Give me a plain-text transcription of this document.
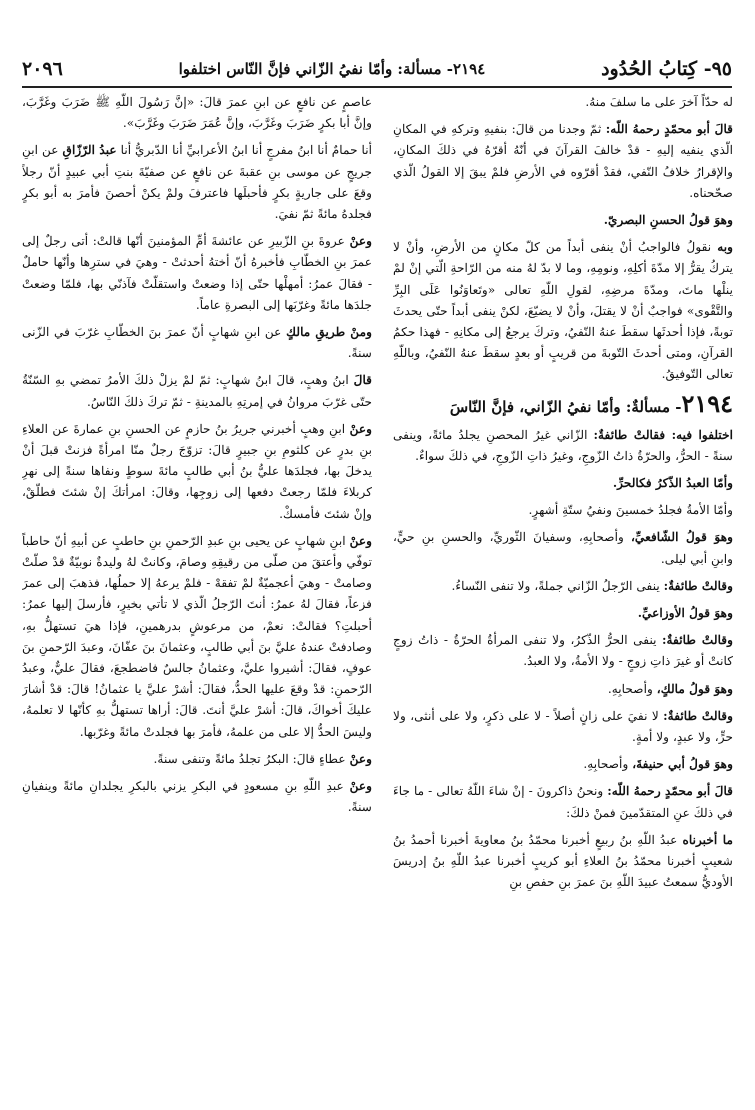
٩٥- كِتابُ الحُدُود
٢١٩٤- مسألة: وأمّا نفيُ الزّاني فإنَّ النّاس اختلفوا
٢٠٩٦

له حدّاً آخرَ على ما سلفَ منهُ.

قالَ أبو محمّدٍ رحمهُ اللّه: ثمّ وجدنا من قالَ: بنفيهِ وتركهِ في المكانِ الّذي ينفيه إليهِ - قدْ خالفَ القرآنَ في أنّهُ أقرّهُ في ذلكَ المكانِ، والإقرارُ خلافُ النّفي، فقدْ أقرّوه في الأرضِ فلمْ يبقَ إلا القولُ الّذي صحّحناه.

وهوَ قولُ الحسنِ البصريّ.

وبه نقولُ فالواجبُ أنْ ينفى أبداً من كلّ مكانٍ من الأرضِ، وأنْ لا يتركُ يقرُّ إلا مدّةَ أكلِهِ، ونومِهِ، وما لا بدّ لهُ منه من الرّاحةِ الّتي إنْ لمْ ينلْها ماتَ، ومدّةَ مرضِهِ، لقولِ اللّهِ تعالى «وتَعاوَنُوا عَلَى البِرِّ والتَّقْوى» فواجبٌ أنْ لا يقتلَ، وأنْ لا يضيّعَ، لكنْ ينفى أبداً حتّى يحدثَ توبةً، فإذا أحدثَها سقطَ عنهُ النّفيُ، وتركَ يرجعُ إلى مكانِهِ - فهذا حكمُ القرآنِ، ومتى أحدثَ التّوبةَ من قريبٍ أو بعدٍ سقطَ عنهُ النّفيُ، وباللّهِ تعالى التّوفيقُ.

٢١٩٤- مسألةٌ: وأمّا نفيُ الزّاني، فإنَّ النّاسَ

اختلفوا فيه: فقالتْ طائفةٌ: الزّاني غيرُ المحصنِ يجلدُ مائةً، وينفى سنةً - الحرُّ، والحرّةُ ذاتُ الزّوجِ، وغيرُ ذاتِ الزّوجِ، في ذلكَ سواءٌ.

وأمّا العبدُ الذّكرُ فكالحرِّ.

وأمّا الأمةُ فجلدُ خمسينَ ونفيُ ستّةِ أشهرٍ.

وهوَ قولُ الشّافعيِّ، وأصحابِهِ، وسفيانَ الثّوريِّ، والحسنِ بنِ حيٍّ، وابنِ أبي ليلى.

وقالتْ طائفةٌ: ينفى الرّجلُ الزّاني جملةً، ولا تنفى النّساءُ.

وهوَ قولُ الأوزاعيِّ.

وقالتْ طائفةٌ: ينفى الحرُّ الذّكرُ، ولا تنفى المرأةُ الحرّةُ - ذاتُ زوجٍ كانتْ أو غيرَ ذاتِ زوجٍ - ولا الأمةُ، ولا العبدُ.

وهوَ قولُ مالكٍ، وأصحابِهِ.

وقالتْ طائفةٌ: لا نفيَ على زانٍ أصلاً - لا على ذكرٍ، ولا على أنثى، ولا حرٍّ، ولا عبدٍ، ولا أمةٍ.

وهوَ قولُ أبي حنيفةَ، وأصحابِهِ.

قالَ أبو محمّدٍ رحمهُ اللّه: ونحنُ ذاكرونَ - إنْ شاءَ اللّهُ تعالى - ما جاءَ في ذلكَ عنِ المتقدّمينَ فمنْ ذلكَ:

ما أخبرناه عبدُ اللّهِ بنُ ربيعٍ أخبرنا محمّدُ بنُ معاويةَ أخبرنا أحمدُ بنُ شعيبٍ أخبرنا محمّدُ بنُ العلاءِ أبو كريبٍ أخبرنا عبدُ اللّهِ بنُ إدريسَ الأوديُّ سمعتُ عبيدَ اللّهِ بنَ عمرَ بنِ حفصِ بنِ

عاصمٍ عن نافعٍ عن ابنِ عمرَ قالَ: «إنَّ رَسُولَ اللّهِ ﷺ ضَرَبَ وغَرَّبَ، وإنَّ أبا بكرٍ ضَرَبَ وغَرَّبَ، وإنَّ عُمَرَ ضَرَبَ وغَرَّبَ».

أنا حمامٌ أنا ابنُ مفرجٍ أنا ابنُ الأعرابيِّ أنا الدّبريُّ أنا عبدُ الرّزّاقِ عن ابنِ جريجٍ عن موسى بنِ عقبةَ عن نافعٍ عن صفيّةَ بنتِ أبي عبيدٍ أنّ رجلاً وقعَ على جاريةٍ بكرٍ فأحبلَها فاعترفَ ولمْ يكنْ أحصنَ فأمرَ به أبو بكرٍ فجلدهُ مائةً ثمّ نفيَ.

وعنْ عروةَ بنِ الزّبيرِ عن عائشةَ أمِّ المؤمنينَ أنّها قالتْ: أتى رجلٌ إلى عمرَ بنِ الخطّابِ فأخبرهُ أنّ أختهُ أحدثتْ - وهيَ في سترِها وأنّها حاملٌ - فقالَ عمرُ: أمهلْها حتّى إذا وضعتْ واستقلّتْ فآذنّي بها، فلمّا وضعتْ جلدَها مائةً وغرّبَها إلى البصرةِ عاماً.

ومنْ طريقِ مالكٍ عن ابنِ شهابٍ أنّ عمرَ بنَ الخطّابِ غرّبَ في الزّنى سنةً.

قالَ ابنُ وهبٍ، قالَ ابنُ شهابٍ: ثمّ لمْ يزلْ ذلكَ الأمرُ تمضي بهِ السّنّةُ حتّى غرّبَ مروانُ في إمرتِهِ بالمدينةِ - ثمّ تركَ ذلكَ النّاسُ.

وعنْ ابنِ وهبٍ أخبرني جريرُ بنُ حازمٍ عن الحسنِ بنِ عمارةَ عن العلاءِ بنِ بدرٍ عن كلثومِ بنِ جبيرٍ قالَ: تزوّجَ رجلٌ منّا امرأةً فزنتْ قبلَ أنْ يدخلَ بها، فجلدَها عليُّ بنُ أبي طالبٍ مائةَ سوطٍ ونفاها سنةً إلى نهرِ كربلاءَ فلمّا رجعتْ دفعها إلى زوجِها، وقالَ: امرأتكَ إنْ شئتَ فطلّقْ، وإنْ شئتَ فأمسكْ.

وعنْ ابنِ شهابٍ عن يحيى بنِ عبدِ الرّحمنِ بنِ حاطبٍ عن أبيهِ أنّ حاطباً توفّي وأعتقَ من صلّى من رقيقِهِ وصامَ، وكانتْ لهُ وليدةٌ نوبيّةٌ قدْ صلّتْ وصامتْ - وهيَ أعجميّةٌ لمْ تفقهْ - فلمْ يرعهُ إلا حملُها، فذهبَ إلى عمرَ فزعاً، فقالَ لهُ عمرُ: أنتَ الرّجلُ الّذي لا تأتي بخيرٍ، فأرسلَ إليها عمرُ: أحبلتِ؟ فقالتْ: نعمْ، من مرعوشٍ بدرهمينِ، فإذا هيَ تستهلُّ بهِ، وصادفتْ عندهُ عليَّ بنَ أبي طالبٍ، وعثمانَ بنَ عفّانَ، وعبدَ الرّحمنِ بنَ عوفٍ، فقالَ: أشيروا عليَّ، وعثمانُ جالسٌ فاضطجعَ، فقالَ عليٌّ، وعبدُ الرّحمنِ: قدْ وقعَ عليها الحدُّ، فقالَ: أشرْ عليَّ يا عثمانُ! قالَ: قدْ أشارَ عليكَ أخواكَ، قالَ: أشرْ عليَّ أنتَ. قالَ: أراها تستهلُّ بهِ كأنّها لا تعلمهُ، وليسَ الحدُّ إلا على من علمهُ، فأمرَ بها فجلدتْ مائةً وغرّبها.

وعنْ عطاءٍ قالَ: البكرُ تجلدُ مائةً وتنفى سنةً.

وعنْ عبدِ اللّهِ بنِ مسعودٍ في البكرِ يزني بالبكرِ يجلدانِ مائةً وينفيانِ سنةً.
